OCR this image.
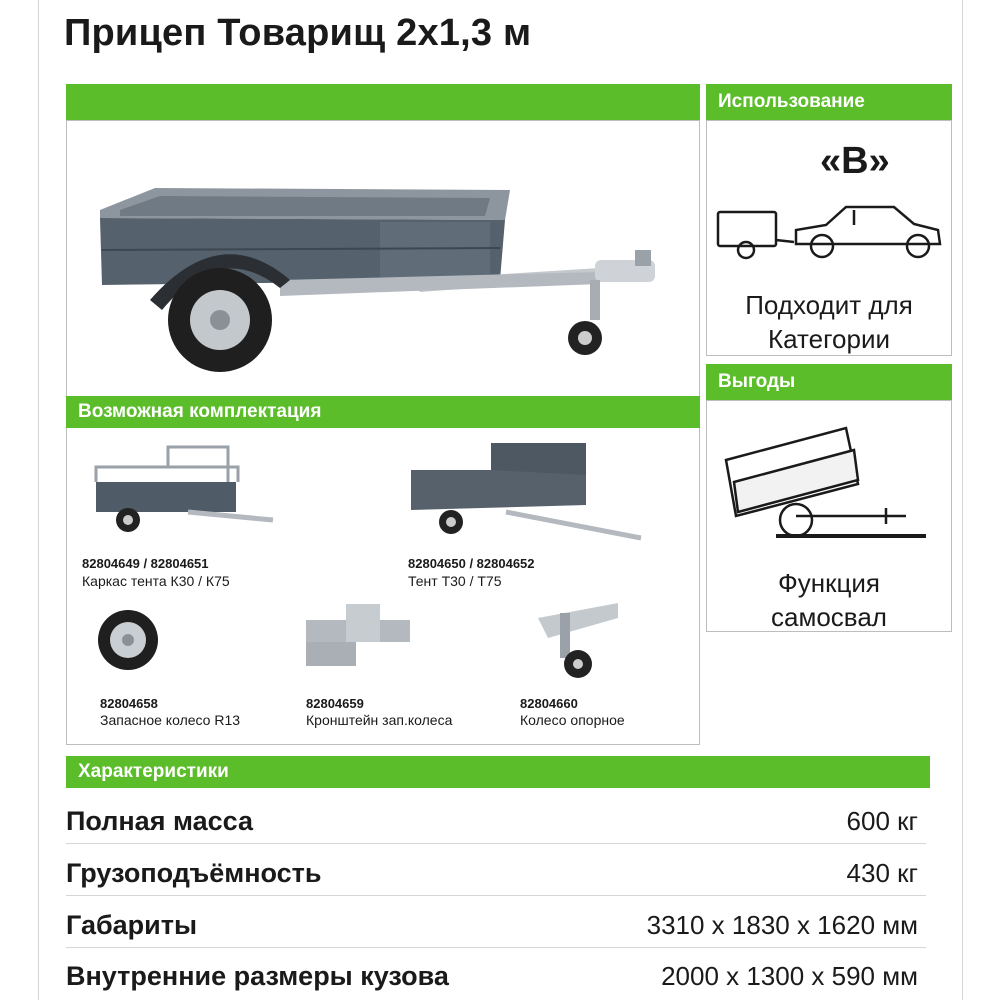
Прицеп Товарищ 2х1,3 м
Возможная комплектация
82804649 / 82804651
Каркас тента К30 / К75
82804650 / 82804652
Тент Т30 / Т75
82804658
Запасное колесо R13
82804659
Кронштейн зап.колеса
82804660
Колесо опорное
Использование
«B»
Подходит для
Категории
Выгоды
Функция
самосвал
Характеристики
Полная масса	600 кг
Грузоподъёмность	430 кг
Габариты	3310 х 1830 х 1620 мм
Внутренние размеры кузова	2000 х 1300 х 590 мм
